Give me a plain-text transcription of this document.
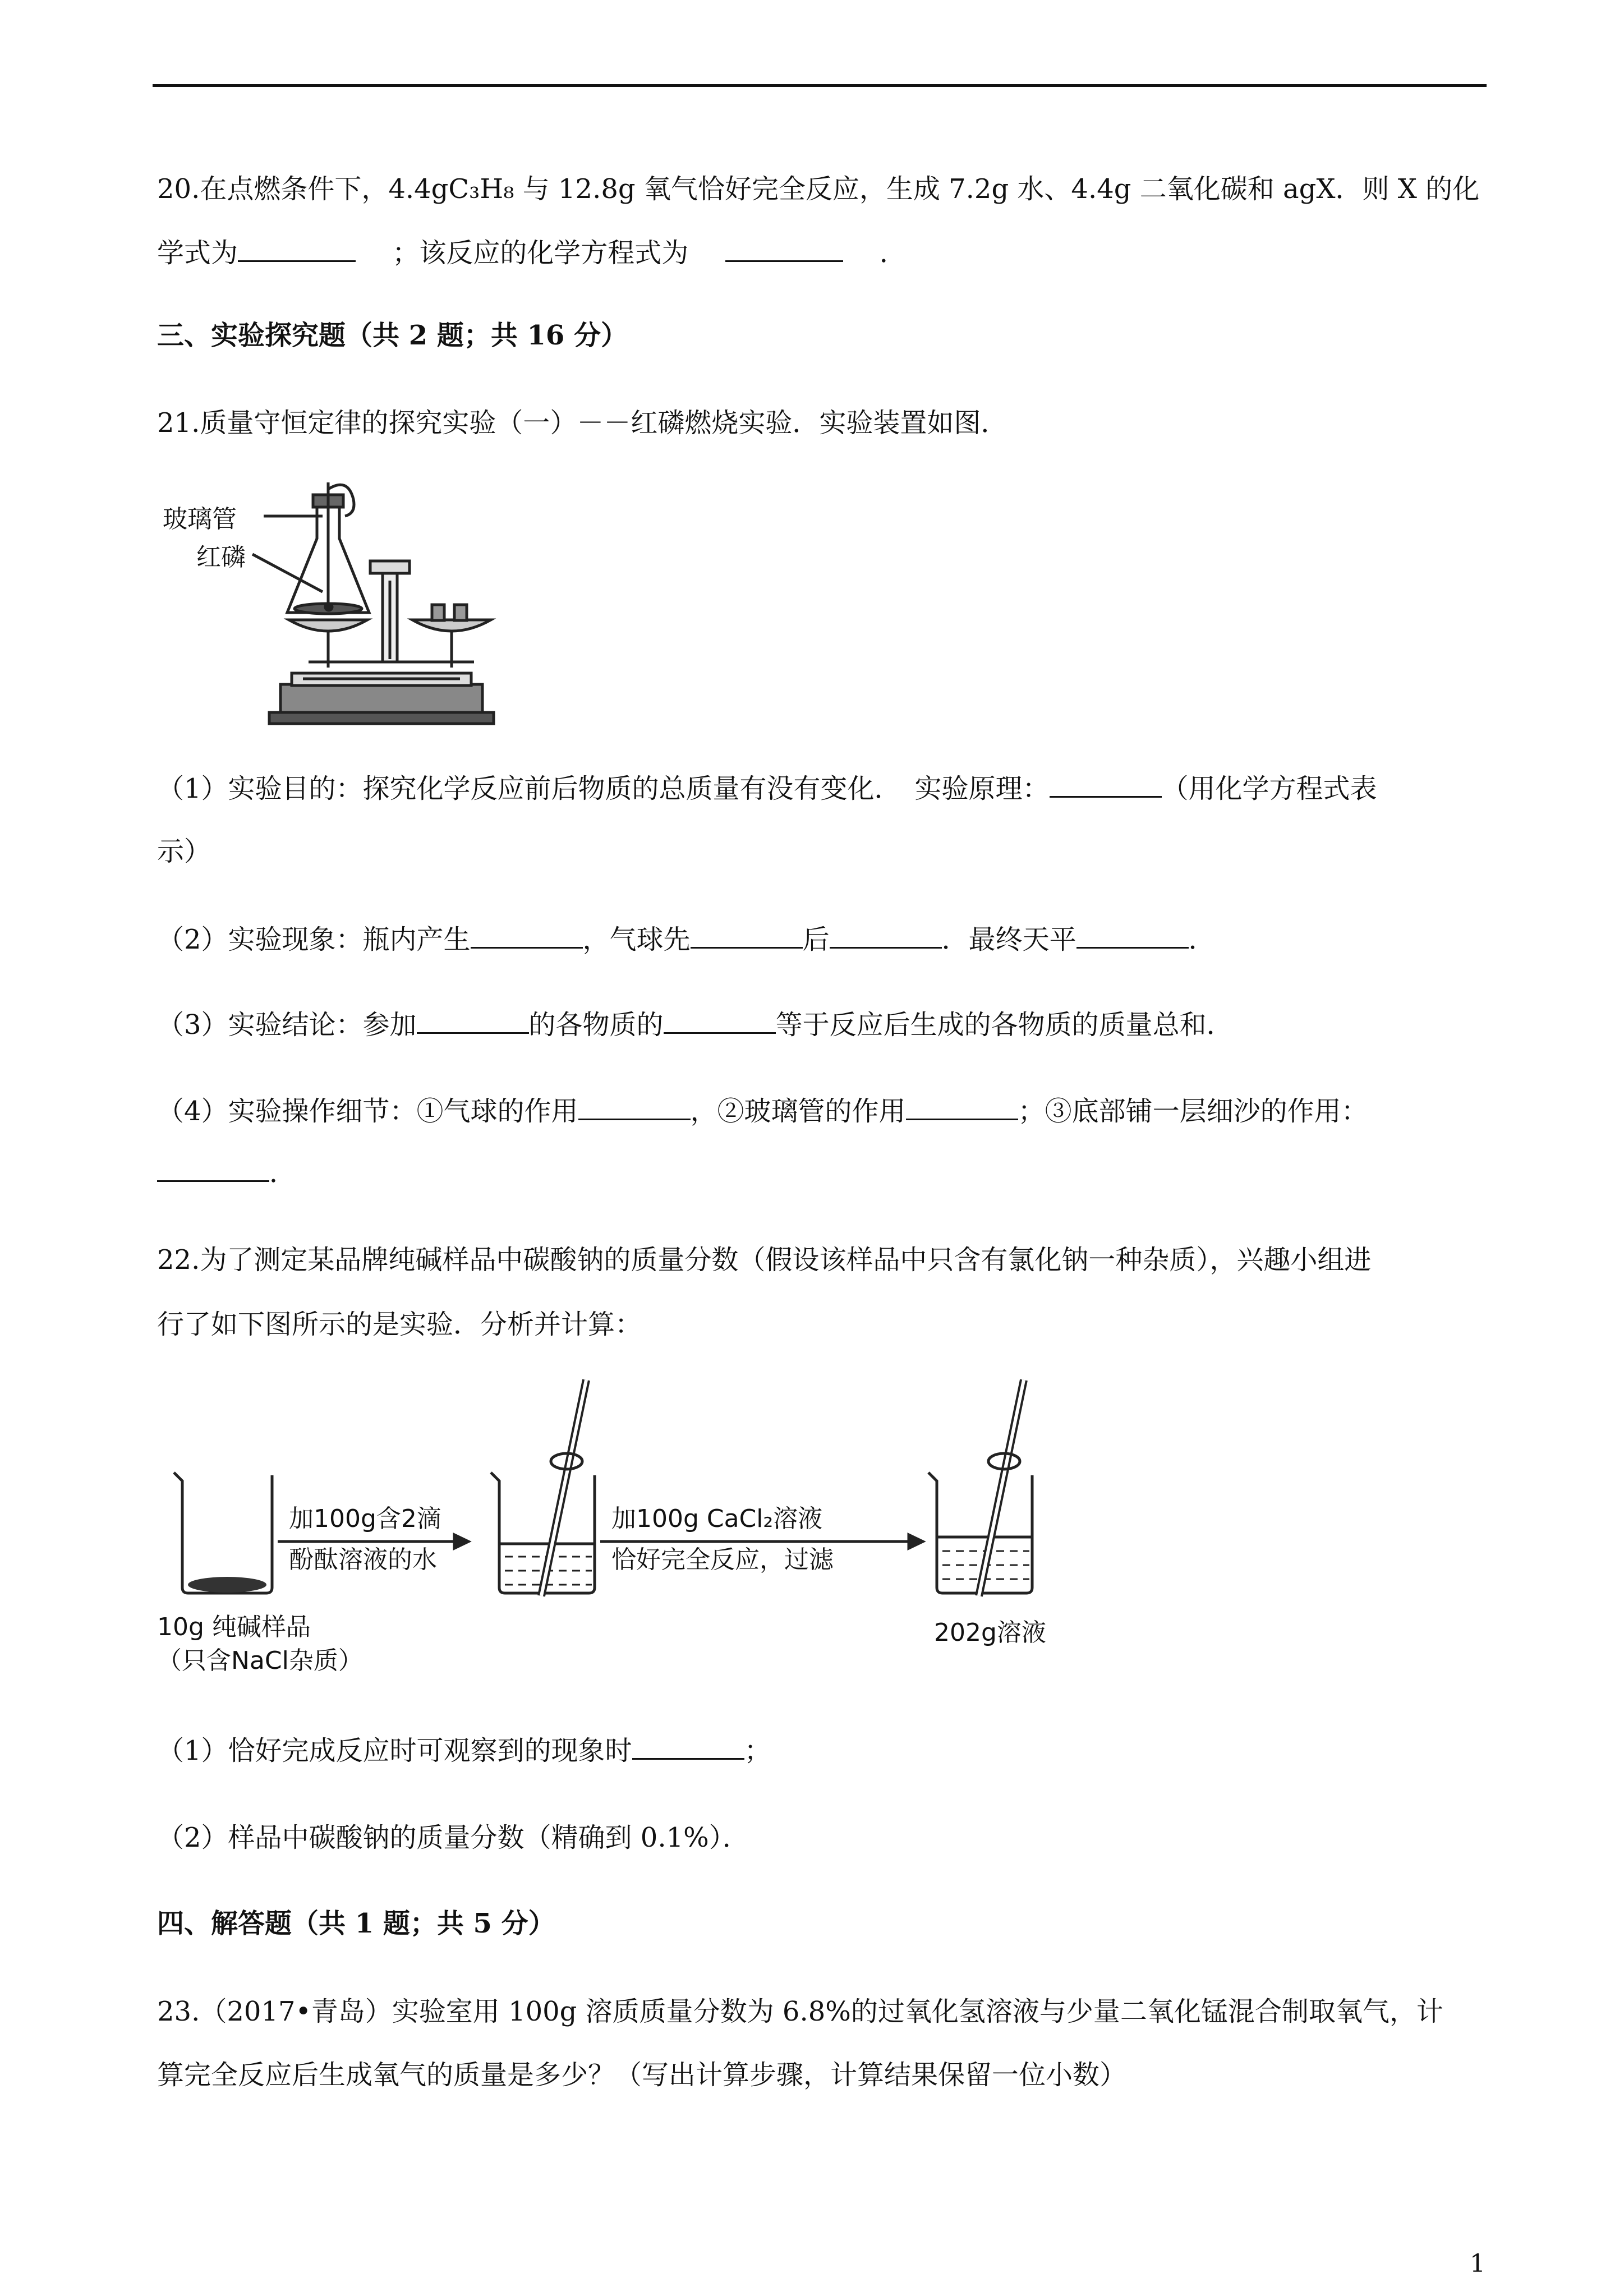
20.在点燃条件下，4.4gC₃H₈ 与 12.8g 氧气恰好完全反应，生成 7.2g 水、4.4g 二氧化碳和 agX．则 X 的化
学式为	；该反应的化学方程式为	．
三、实验探究题（共 2 题；共 16 分）
21.质量守恒定律的探究实验（一）－－红磷燃烧实验．实验装置如图．
玻璃管
红磷
（1）实验目的：探究化学反应前后物质的总质量有没有变化．　实验原理：	（用化学方程式表
示）
（2）实验现象：瓶内产生	，气球先	后	．最终天平	．
（3）实验结论：参加	的各物质的	等于反应后生成的各物质的质量总和．
（4）实验操作细节：①气球的作用	，②玻璃管的作用	；③底部铺一层细沙的作用：
．
22.为了测定某品牌纯碱样品中碳酸钠的质量分数（假设该样品中只含有氯化钠一种杂质），兴趣小组进
行了如下图所示的是实验．分析并计算：
加100g含2滴
酚酞溶液的水
加100g CaCl₂溶液
恰好完全反应，过滤
10g 纯碱样品
（只含NaCl杂质）
202g溶液
（1）恰好完成反应时可观察到的现象时	；
（2）样品中碳酸钠的质量分数（精确到 0.1%）．
四、解答题（共 1 题；共 5 分）
23.（2017•青岛）实验室用 100g 溶质质量分数为 6.8%的过氧化氢溶液与少量二氧化锰混合制取氧气，计
算完全反应后生成氧气的质量是多少？（写出计算步骤，计算结果保留一位小数）
1
